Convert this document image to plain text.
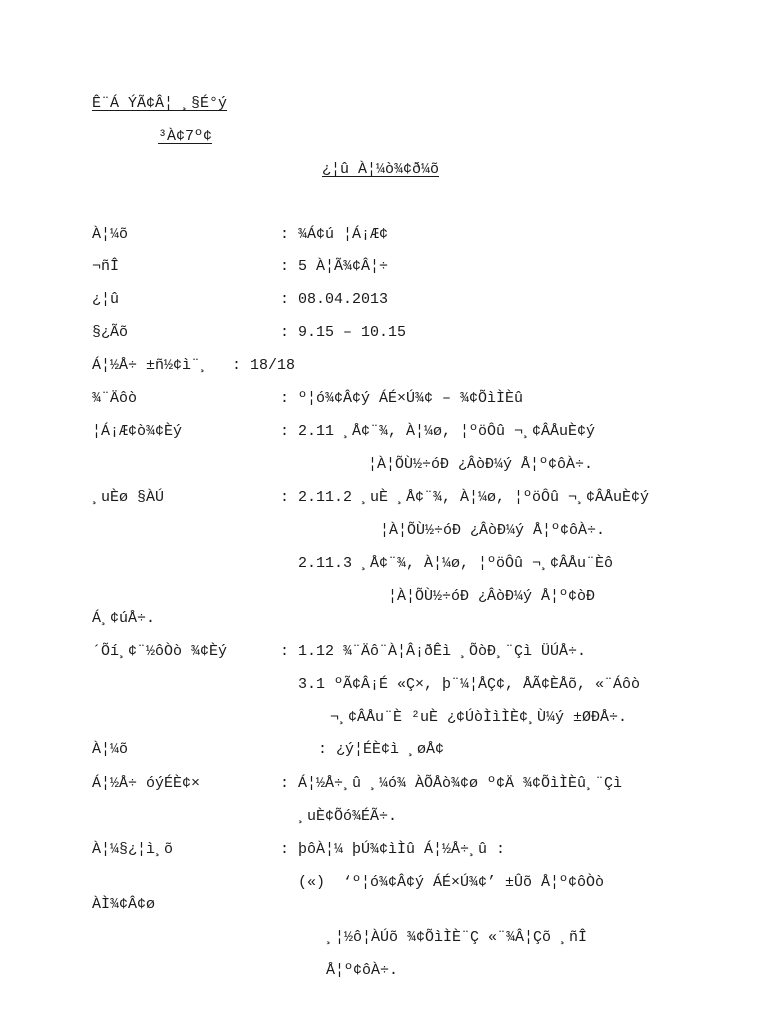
Ê¨Á ÝÃ¢Â¦ ¸§É°ý
³À¢7º¢
¿¦û À¦¼ò¾¢ð¼õ
À¦¼õ	: ¾Á¢ú ¦Á¡Æ¢
¬ñÎ	: 5 À¦Ã¾¢Â¦÷
¿¦û	: 08.04.2013
§¿Ãõ	: 9.15 – 10.15
Á¦½Å÷ ±ñ½¢ì¨¸ : 18/18
¾¨Äôò	: º¦ó¾¢Â¢ý ÁÉ×Ú¾¢ – ¾¢ÕìÌÈû
¦Á¡Æ¢ò¾¢Èý	: 2.11 ¸Å¢¨¾, À¦¼ø, ¦ºöÔû ¬¸¢ÂÅuÈ¢ý
¦À¦ÕÙ½÷óÐ ¿ÂòÐ¼ý Å¦º¢ôÀ÷.
¸uÈø §ÀÚ	: 2.11.2 ¸uÈ ¸Å¢¨¾, À¦¼ø, ¦ºöÔû ¬¸¢ÂÅuÈ¢ý
¦À¦ÕÙ½÷óÐ ¿ÂòÐ¼ý Å¦º¢ôÀ÷.
2.11.3 ¸Å¢¨¾, À¦¼ø, ¦ºöÔû ¬¸¢ÂÅu¨Èô
¦À¦ÕÙ½÷óÐ ¿ÂòÐ¼ý Å¦º¢òÐ
Á¸¢úÅ÷.
´Õí¸¢¨½ôÒò ¾¢Èý	: 1.12 ¾¨Äô¨À¦Â¡ðÊì ¸ÕòÐ¸¨Çì ÜÚÅ÷.
3.1 ºÃ¢Â¡É «Ç×, þ¨¼¦ÅÇ¢, ÅÃ¢ÈÅõ, «¨Áôò
¬¸¢ÂÅu¨È ²uÈ ¿¢ÚòÌìÌÈ¢¸Ù¼ý ±ØÐÅ÷.
À¦¼õ	: ¿ý¦ÉÈ¢ì ¸øÅ¢
Á¦½Å÷ óýÉÈ¢×	: Á¦½Å÷¸û ¸¼ó¾ ÀÕÅò¾¢ø º¢Ä ¾¢ÕìÌÈû¸¨Çì
¸uÈ¢Õó¾ÉÃ÷.
À¦¼§¿¦ì¸õ	: þôÀ¦¼ þÚ¾¢ìÌû Á¦½Å÷¸û :
(«)  ‘º¦ó¾¢Â¢ý ÁÉ×Ú¾¢’ ±Ûõ Å¦º¢ôÒò
ÀÌ¾¢Â¢ø
¸¦½ô¦ÀÚõ ¾¢ÕìÌÈ¨Ç «¨¾Â¦Çõ ¸ñÎ
Å¦º¢ôÀ÷.
